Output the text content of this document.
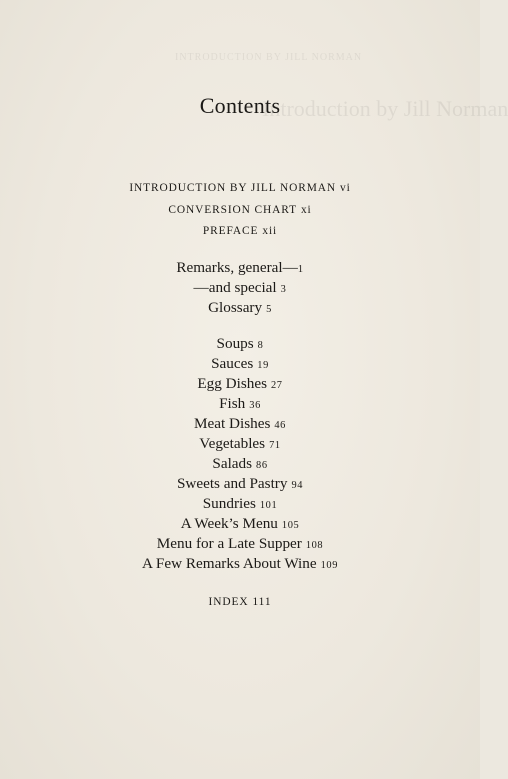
INTRODUCTION BY JILL NORMAN
Introduction by Jill Norman
Contents
INTRODUCTION BY JILL NORMAN vi
CONVERSION CHART xi
PREFACE xii
Remarks, general—1
—and special 3
Glossary 5
Soups 8
Sauces 19
Egg Dishes 27
Fish 36
Meat Dishes 46
Vegetables 71
Salads 86
Sweets and Pastry 94
Sundries 101
A Week’s Menu 105
Menu for a Late Supper 108
A Few Remarks About Wine 109
INDEX 111
